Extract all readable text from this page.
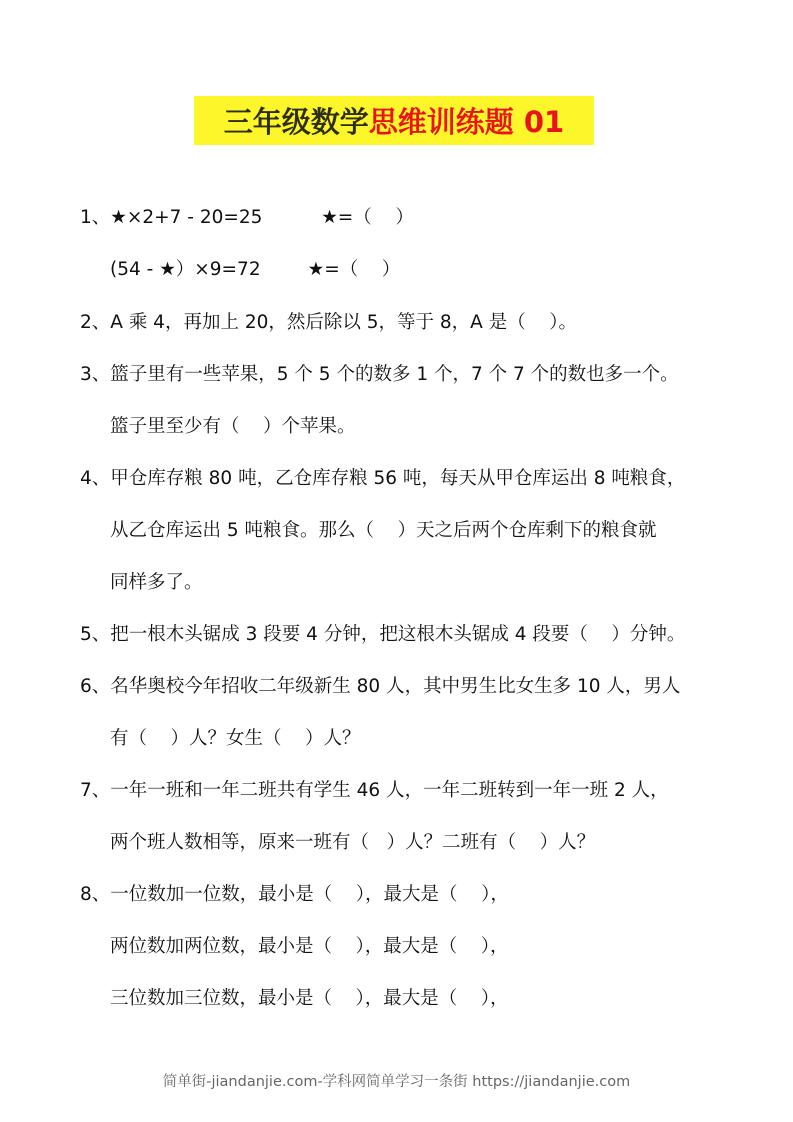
三年级数学 思维训练题 01
1、★×2+7 - 20=25          ★=（    ）
(54 - ★）×9=72        ★=（    ）
2、A 乘 4，再加上 20，然后除以 5，等于 8，A 是（    ）。
3、篮子里有一些苹果，5 个 5 个的数多 1 个，7 个 7 个的数也多一个。
篮子里至少有（    ）个苹果。
4、甲仓库存粮 80 吨，乙仓库存粮 56 吨，每天从甲仓库运出 8 吨粮食，
从乙仓库运出 5 吨粮食。那么（    ）天之后两个仓库剩下的粮食就
同样多了。
5、把一根木头锯成 3 段要 4 分钟，把这根木头锯成 4 段要（    ）分钟。
6、名华奥校今年招收二年级新生 80 人，其中男生比女生多 10 人，男人
有（    ）人？女生（    ）人？
7、一年一班和一年二班共有学生 46 人，一年二班转到一年一班 2 人，
两个班人数相等，原来一班有（   ）人？二班有（    ）人？
8、一位数加一位数，最小是（    ），最大是（    ），
两位数加两位数，最小是（    ），最大是（    ），
三位数加三位数，最小是（    ），最大是（    ），
简单街-jiandanjie.com-学科网简单学习一条街 https://jiandanjie.com
